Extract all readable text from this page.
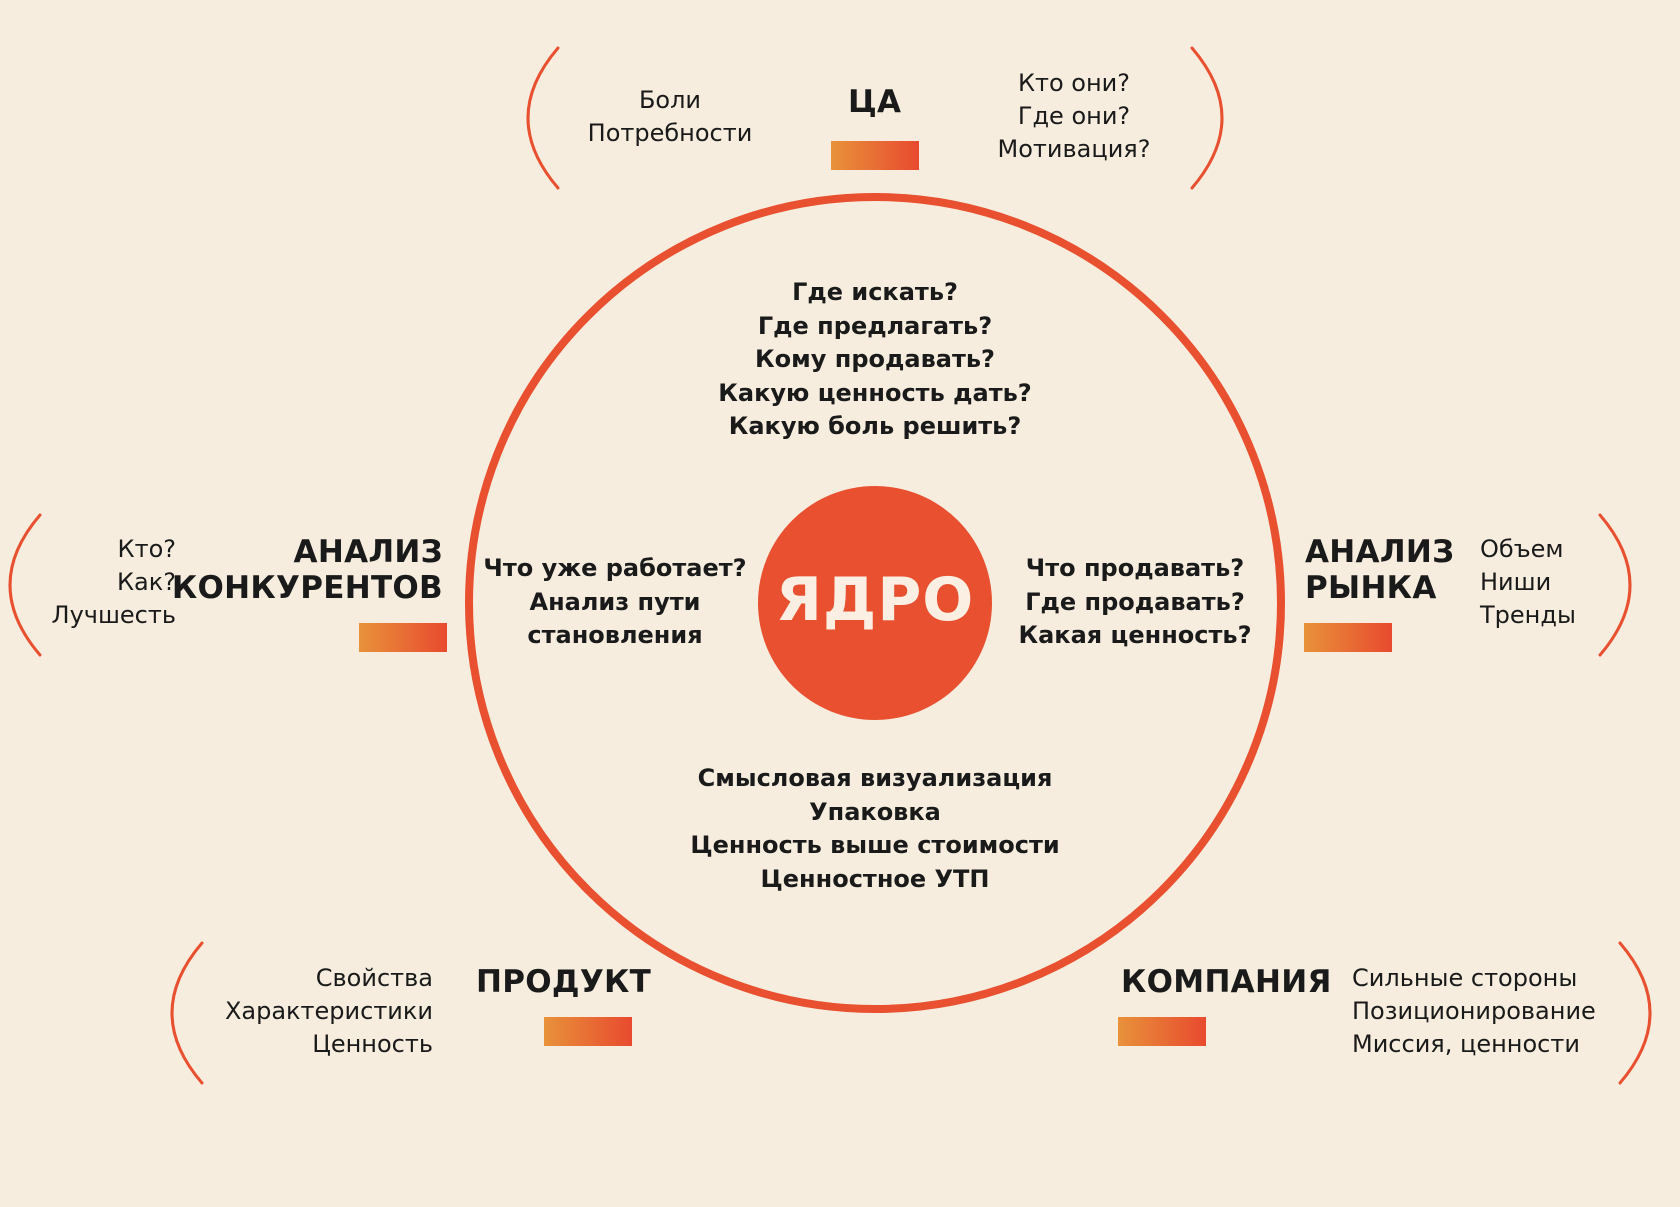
ЯДРО
ЦА
Боли
Потребности
Кто они?
Где они?
Мотивация?
АНАЛИЗ
КОНКУРЕНТОВ
Кто?
Как?
Лучшесть
АНАЛИЗ
РЫНКА
Объем
Ниши
Тренды
ПРОДУКТ
Свойства
Характеристики
Ценность
КОМПАНИЯ Сильные стороны
Позиционирование
Миссия, ценности
Где искать?
Где предлагать?
Кому продавать?
Какую ценность дать?
Какую боль решить?
Что уже работает?
Анализ пути
становления
Что продавать?
Где продавать?
Какая ценность?
Смысловая визуализация
Упаковка
Ценность выше стоимости
Ценностное УТП
